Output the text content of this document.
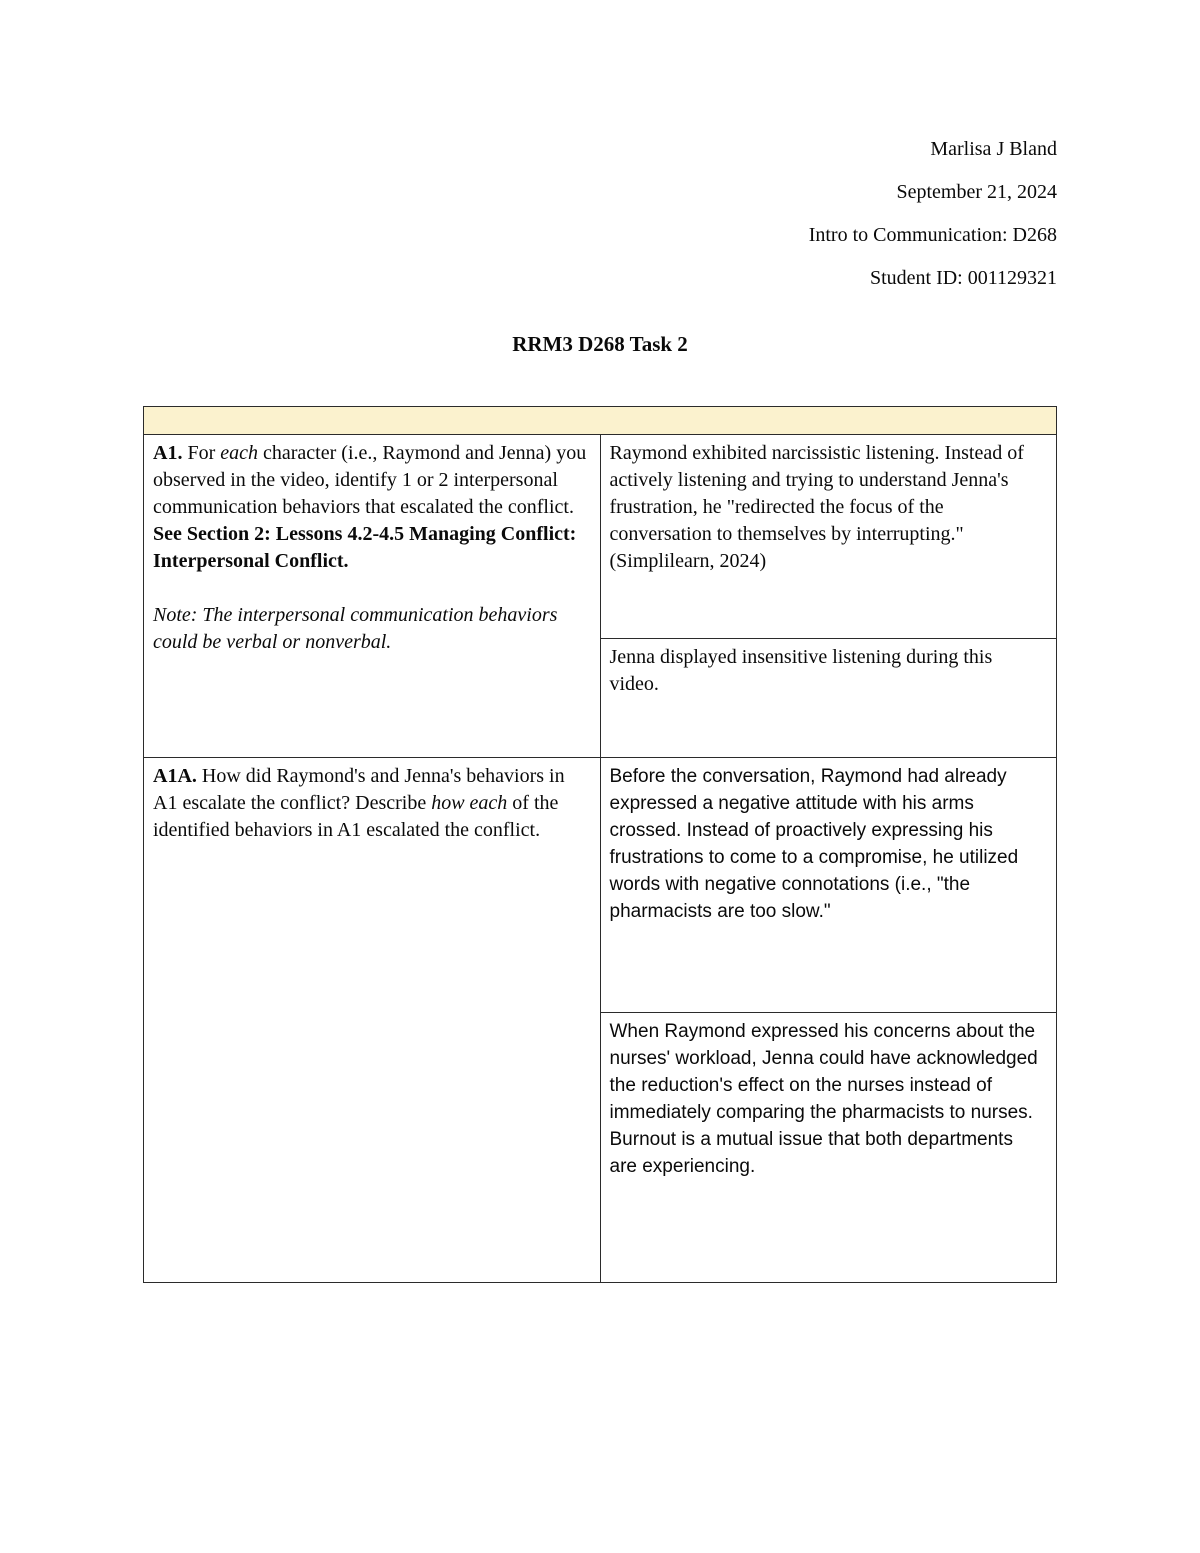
Marlisa J Bland
September 21, 2024
Intro to Communication: D268
Student ID: 001129321
RRM3 D268 Task 2

A1. For each character (i.e., Raymond and Jenna) you observed in the video, identify 1 or 2 interpersonal communication behaviors that escalated the conflict. See Section 2: Lessons 4.2-4.5 Managing Conflict: Interpersonal Conflict.

Note: The interpersonal communication behaviors could be verbal or nonverbal.

	Raymond exhibited narcissistic listening. Instead of actively listening and trying to understand Jenna's frustration, he "redirected the focus of the conversation to themselves by interrupting." (Simplilearn, 2024)
	Jenna displayed insensitive listening during this video.

A1A. How did Raymond's and Jenna's behaviors in A1 escalate the conflict? Describe how each of the identified behaviors in A1 escalated the conflict.	Before the conversation, Raymond had already expressed a negative attitude with his arms crossed. Instead of proactively expressing his frustrations to come to a compromise, he utilized words with negative connotations (i.e., "the pharmacists are too slow."
	When Raymond expressed his concerns about the nurses' workload, Jenna could have acknowledged the reduction's effect on the nurses instead of immediately comparing the pharmacists to nurses. Burnout is a mutual issue that both departments are experiencing.
